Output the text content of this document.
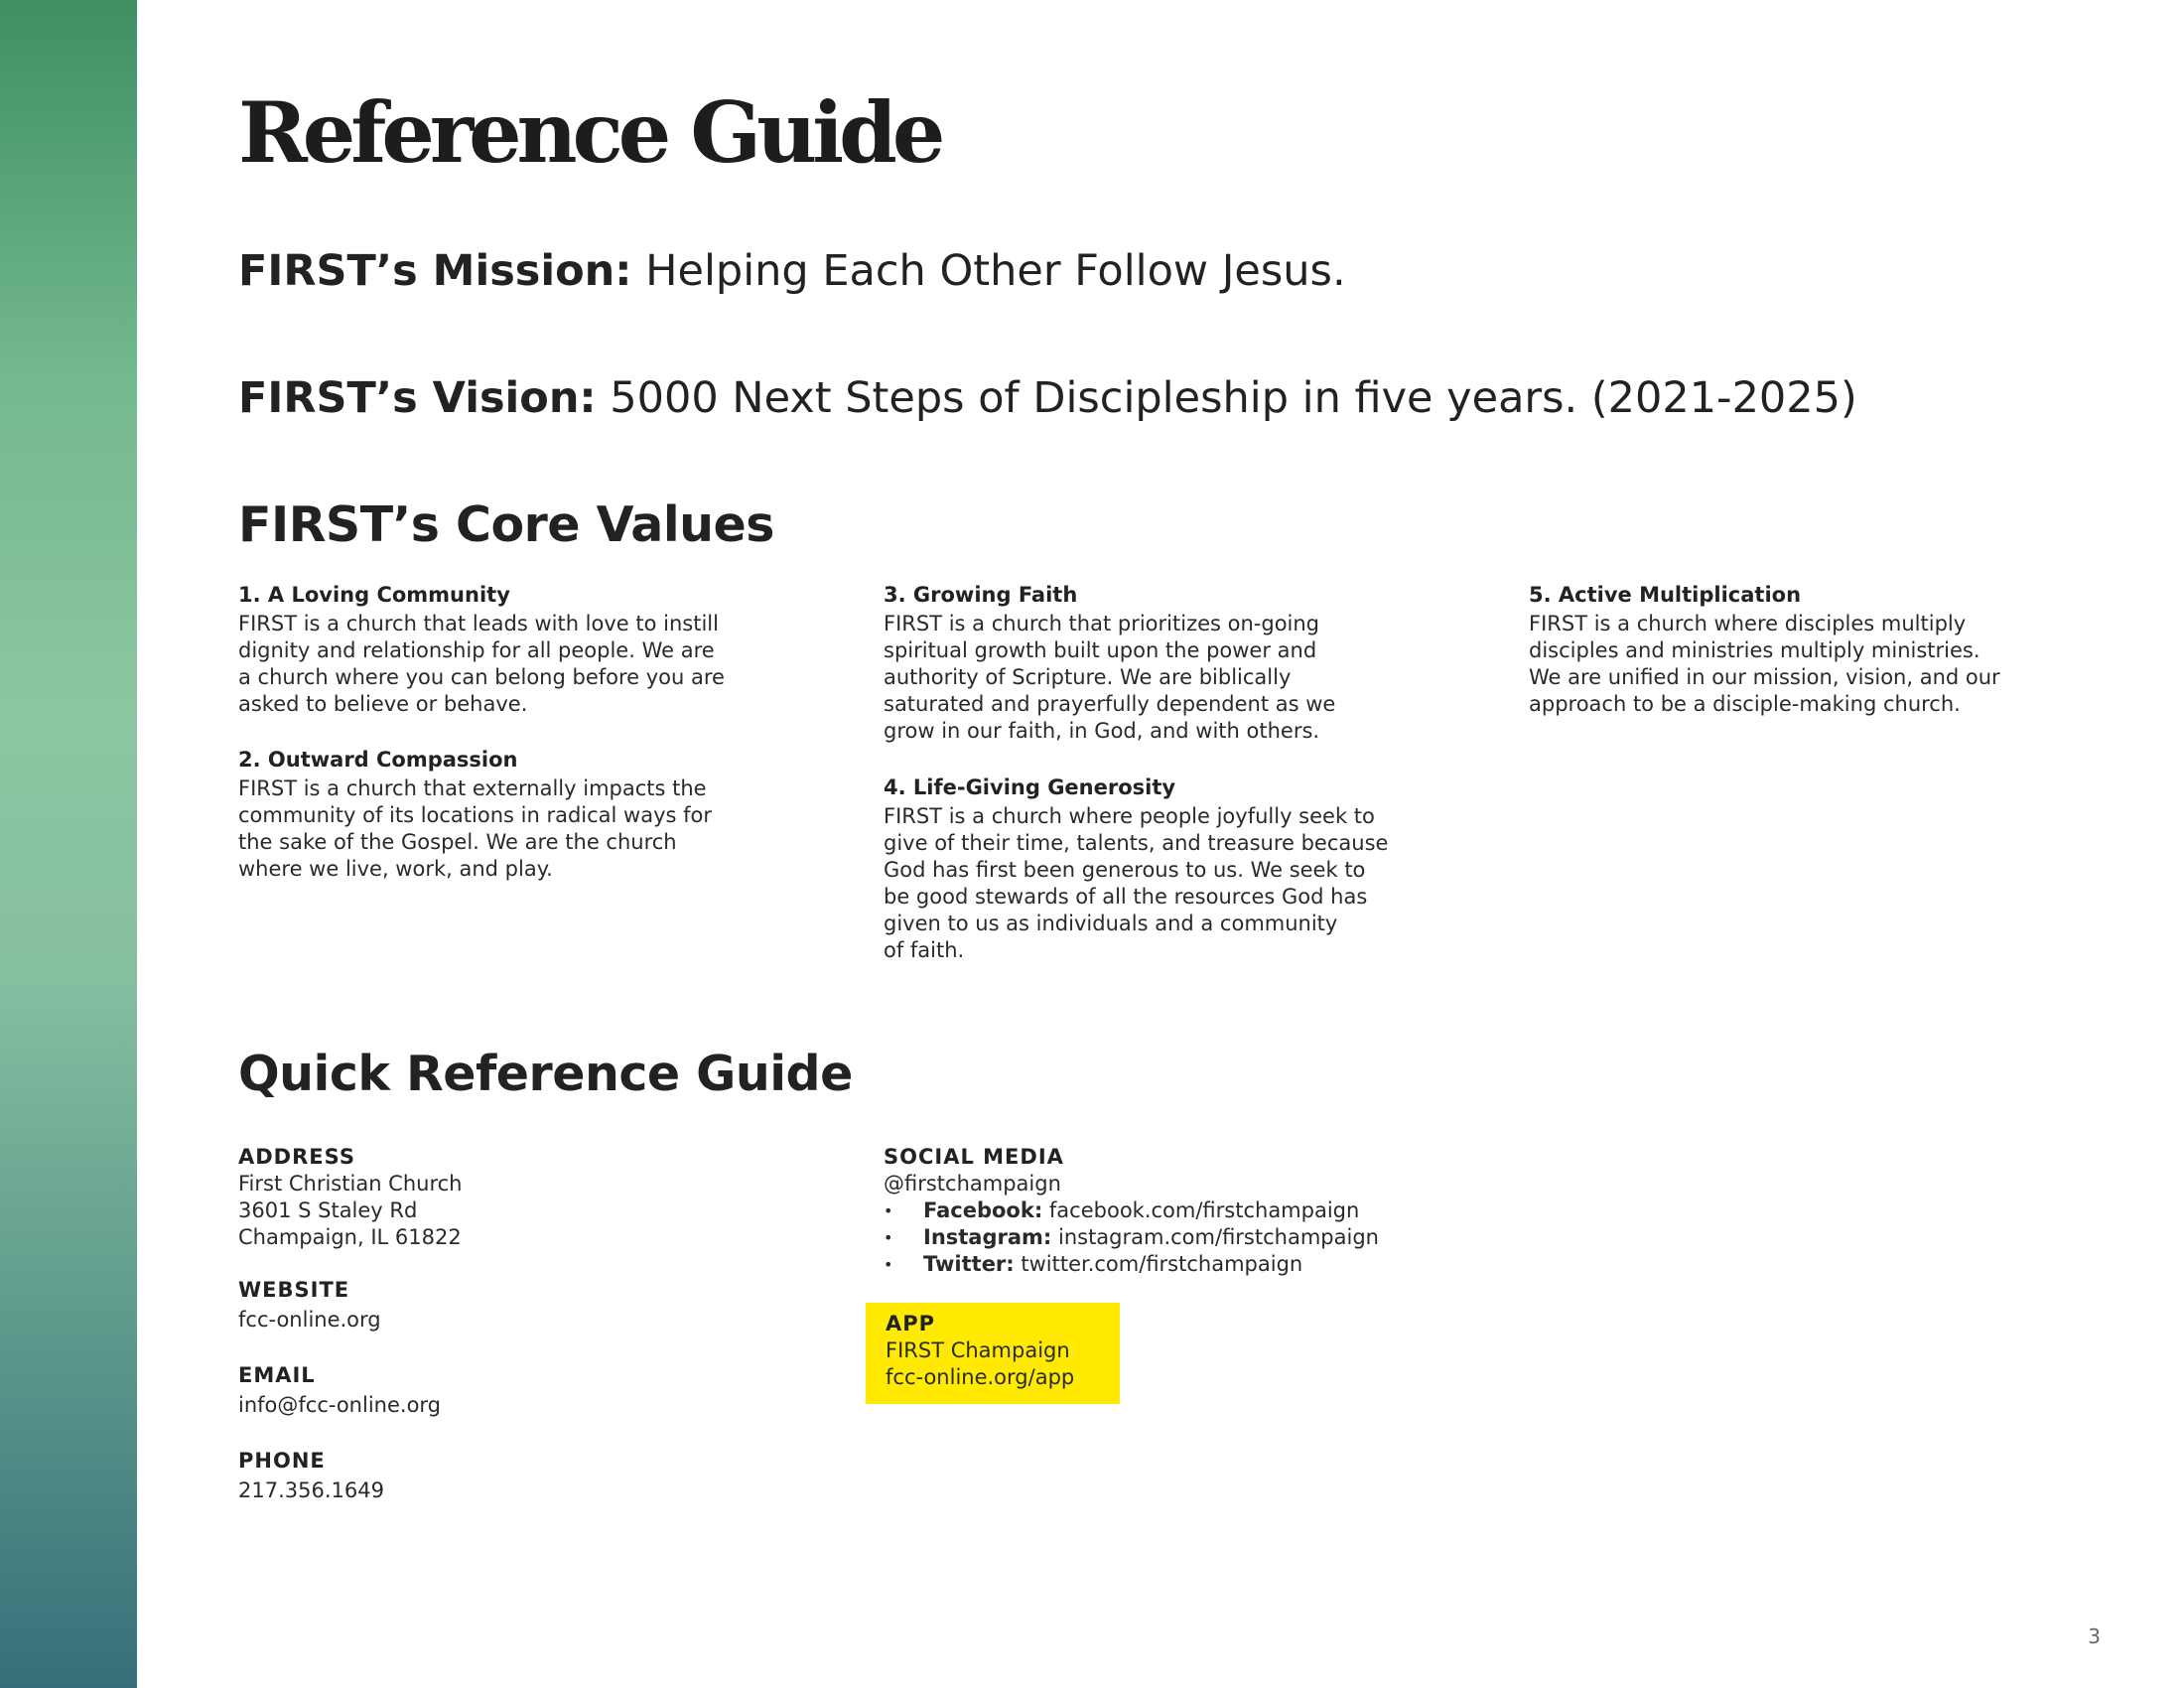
Reference Guide
FIRST’s Mission: Helping Each Other Follow Jesus.
FIRST’s Vision: 5000 Next Steps of Discipleship in five years. (2021-2025)
FIRST’s Core Values
1. A Loving Community
FIRST is a church that leads with love to instill
dignity and relationship for all people. We are
a church where you can belong before you are
asked to believe or behave.
2. Outward Compassion
FIRST is a church that externally impacts the
community of its locations in radical ways for
the sake of the Gospel. We are the church
where we live, work, and play.
3. Growing Faith
FIRST is a church that prioritizes on-going
spiritual growth built upon the power and
authority of Scripture. We are biblically
saturated and prayerfully dependent as we
grow in our faith, in God, and with others.
4. Life-Giving Generosity
FIRST is a church where people joyfully seek to
give of their time, talents, and treasure because
God has first been generous to us. We seek to
be good stewards of all the resources God has
given to us as individuals and a community
of faith.
5. Active Multiplication
FIRST is a church where disciples multiply
disciples and ministries multiply ministries.
We are unified in our mission, vision, and our
approach to be a disciple-making church.
Quick Reference Guide
ADDRESS
First Christian Church
3601 S Staley Rd
Champaign, IL 61822
WEBSITE
fcc-online.org
EMAIL
info@fcc-online.org
PHONE
217.356.1649
SOCIAL MEDIA
@firstchampaign
• Facebook: facebook.com/firstchampaign
• Instagram: instagram.com/firstchampaign
• Twitter: twitter.com/firstchampaign
APP
FIRST Champaign
fcc-online.org/app
3
